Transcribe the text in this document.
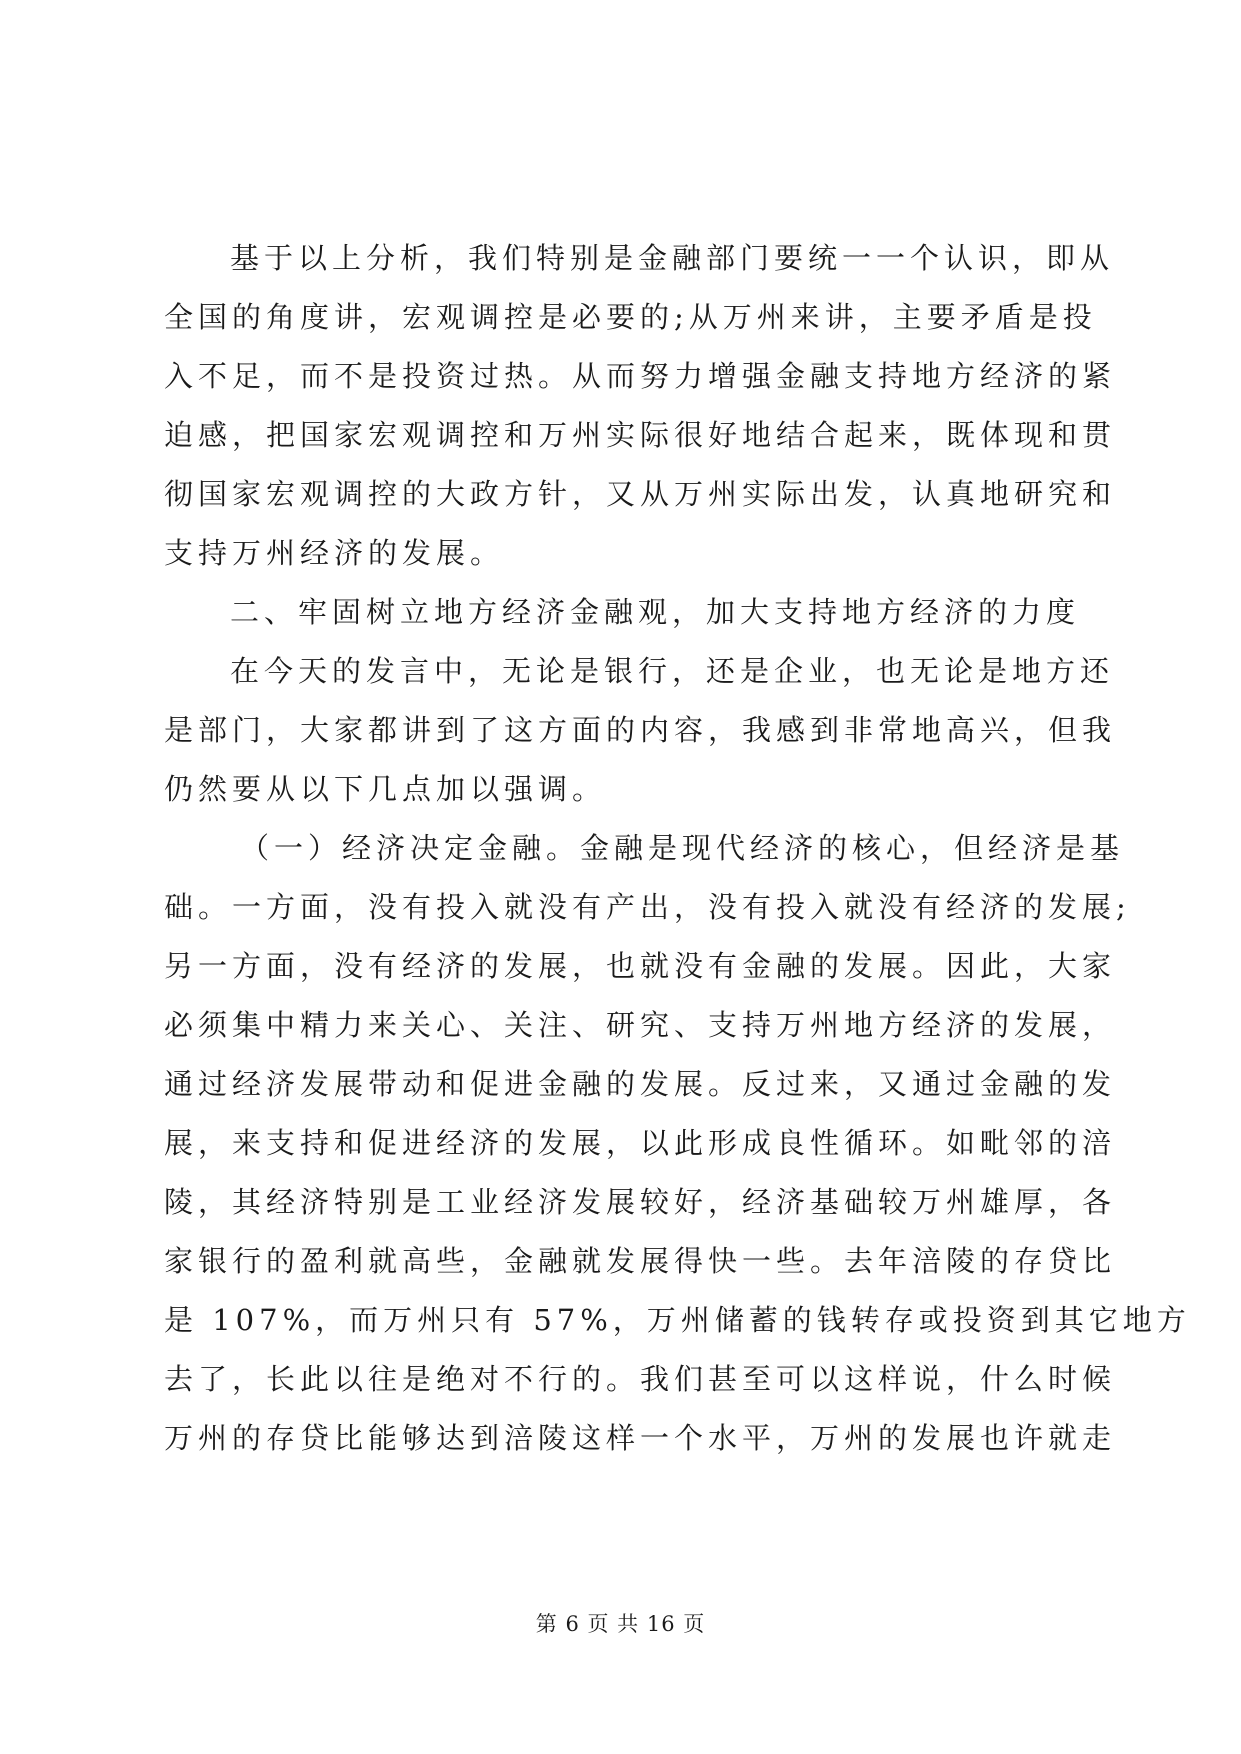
基于以上分析，我们特别是金融部门要统一一个认识，即从
全国的角度讲，宏观调控是必要的;从万州来讲，主要矛盾是投
入不足，而不是投资过热。从而努力增强金融支持地方经济的紧
迫感，把国家宏观调控和万州实际很好地结合起来，既体现和贯
彻国家宏观调控的大政方针，又从万州实际出发，认真地研究和
支持万州经济的发展。
二、牢固树立地方经济金融观，加大支持地方经济的力度
在今天的发言中，无论是银行，还是企业，也无论是地方还
是部门，大家都讲到了这方面的内容，我感到非常地高兴，但我
仍然要从以下几点加以强调。
（一）经济决定金融。金融是现代经济的核心，但经济是基
础。一方面，没有投入就没有产出，没有投入就没有经济的发展;
另一方面，没有经济的发展，也就没有金融的发展。因此，大家
必须集中精力来关心、关注、研究、支持万州地方经济的发展，
通过经济发展带动和促进金融的发展。反过来，又通过金融的发
展，来支持和促进经济的发展，以此形成良性循环。如毗邻的涪
陵，其经济特别是工业经济发展较好，经济基础较万州雄厚，各
家银行的盈利就高些，金融就发展得快一些。去年涪陵的存贷比
是 107%，而万州只有 57%，万州储蓄的钱转存或投资到其它地方
去了，长此以往是绝对不行的。我们甚至可以这样说，什么时候
万州的存贷比能够达到涪陵这样一个水平，万州的发展也许就走
第 6 页 共 16 页
